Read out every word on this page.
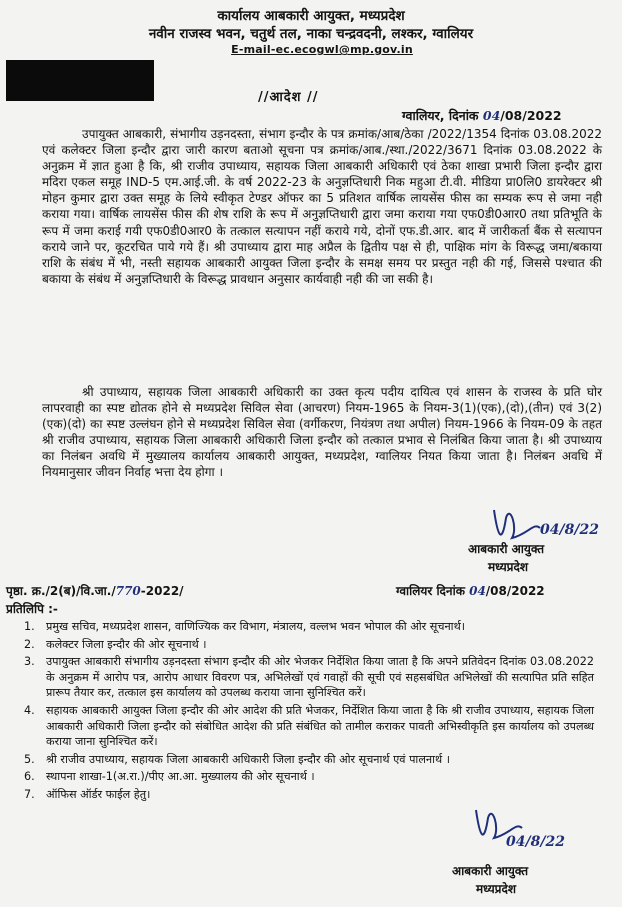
कार्यालय आबकारी आयुक्त, मध्यप्रदेश
नवीन राजस्व भवन, चतुर्थ तल, नाका चन्द्रवदनी, लश्कर, ग्वालियर
E-mail-ec.ecogwl@mp.gov.in
//आदेश //
ग्वालियर, दिनांक 04/08/2022

उपायुक्त आबकारी, संभागीय उड़नदस्ता, संभाग इन्दौर के पत्र क्रमांक/आब/ठेका /2022/1354 दिनांक 03.08.2022 एवं कलेक्टर जिला इन्दौर द्वारा जारी कारण बताओ सूचना पत्र क्रमांक/आब./स्था./2022/3671 दिनांक 03.08.2022 के अनुक्रम में ज्ञात हुआ है कि, श्री राजीव उपाध्याय, सहायक जिला आबकारी अधिकारी एवं ठेका शाखा प्रभारी जिला इन्दौर द्वारा मदिरा एकल समूह IND-5 एम.आई.जी. के वर्ष 2022-23 के अनुज्ञप्तिधारी निक महुआ टी.वी. मीडिया प्रा0लि0 डायरेक्टर श्री मोहन कुमार द्वारा उक्त समूह के लिये स्वीकृत टेण्डर ऑफर का 5 प्रतिशत वार्षिक लायसेंस फीस का सम्यक रूप से जमा नही कराया गया। वार्षिक लायसेंस फीस की शेष राशि के रूप में अनुज्ञप्तिधारी द्वारा जमा कराया गया एफ0डी0आर0 तथा प्रतिभूति के रूप में जमा कराई गयी एफ0डी0आर0 के तत्काल सत्यापन नहीं कराये गये, दोनों एफ.डी.आर. बाद में जारीकर्ता बैंक से सत्यापन कराये जाने पर, कूटरचित पाये गये हैं। श्री उपाध्याय द्वारा माह अप्रैल के द्वितीय पक्ष से ही, पाक्षिक मांग के विरूद्ध जमा/बकाया राशि के संबंध में भी, नस्ती सहायक आबकारी आयुक्त जिला इन्दौर के समक्ष समय पर प्रस्तुत नही की गई, जिससे पश्चात की बकाया के संबंध में अनुज्ञप्तिधारी के विरूद्ध प्रावधान अनुसार कार्यवाही नही की जा सकी है।

श्री उपाध्याय, सहायक जिला आबकारी अधिकारी का उक्त कृत्य पदीय दायित्व एवं शासन के राजस्व के प्रति घोर लापरवाही का स्पष्ट द्योतक होने से मध्यप्रदेश सिविल सेवा (आचरण) नियम-1965 के नियम-3(1)(एक),(दो),(तीन) एवं 3(2)(एक)(दो) का स्पष्ट उल्लंघन होने से मध्यप्रदेश सिविल सेवा (वर्गीकरण, नियंत्रण तथा अपील) नियम-1966 के नियम-09 के तहत श्री राजीव उपाध्याय, सहायक जिला आबकारी अधिकारी जिला इन्दौर को तत्काल प्रभाव से निलंबित किया जाता है। श्री उपाध्याय का निलंबन अवधि में मुख्यालय कार्यालय आबकारी आयुक्त, मध्यप्रदेश, ग्वालियर नियत किया जाता है। निलंबन अवधि में नियमानुसार जीवन निर्वाह भत्ता देय होगा ।

04/8/22
आबकारी आयुक्त
मध्यप्रदेश
पृष्ठा. क्र./2(ब)/वि.जा./770-2022/	ग्वालियर दिनांक 04/08/2022
प्रतिलिपि :-
1. प्रमुख सचिव, मध्यप्रदेश शासन, वाणिज्यिक कर विभाग, मंत्रालय, वल्लभ भवन भोपाल की ओर सूचनार्थ।
2. कलेक्टर जिला इन्दौर की ओर सूचनार्थ ।
3. उपायुक्त आबकारी संभागीय उड़नदस्ता संभाग इन्दौर की ओर भेजकर निर्देशित किया जाता है कि अपने प्रतिवेदन दिनांक 03.08.2022 के अनुक्रम में आरोप पत्र, आरोप आधार विवरण पत्र, अभिलेखों एवं गवाहों की सूची एवं सहसबंधित अभिलेखों की सत्यापित प्रति सहित प्रारूप तैयार कर, तत्काल इस कार्यालय को उपलब्ध कराया जाना सुनिश्चित करें।
4. सहायक आबकारी आयुक्त जिला इन्दौर की ओर आदेश की प्रति भेजकर, निर्देशित किया जाता है कि श्री राजीव उपाध्याय, सहायक जिला आबकारी अधिकारी जिला इन्दौर को संबोधित आदेश की प्रति संबंधित को तामील कराकर पावती अभिस्वीकृति इस कार्यालय को उपलब्ध कराया जाना सुनिश्चित करें।
5. श्री राजीव उपाध्याय, सहायक जिला आबकारी अधिकारी जिला इन्दौर की ओर सूचनार्थ एवं पालनार्थ ।
6. स्थापना शाखा-1(अ.रा.)/पीए आ.आ. मुख्यालय की ओर सूचनार्थ ।
7. ऑफिस ऑर्डर फाईल हेतु।
04/8/22
आबकारी आयुक्त
मध्यप्रदेश
